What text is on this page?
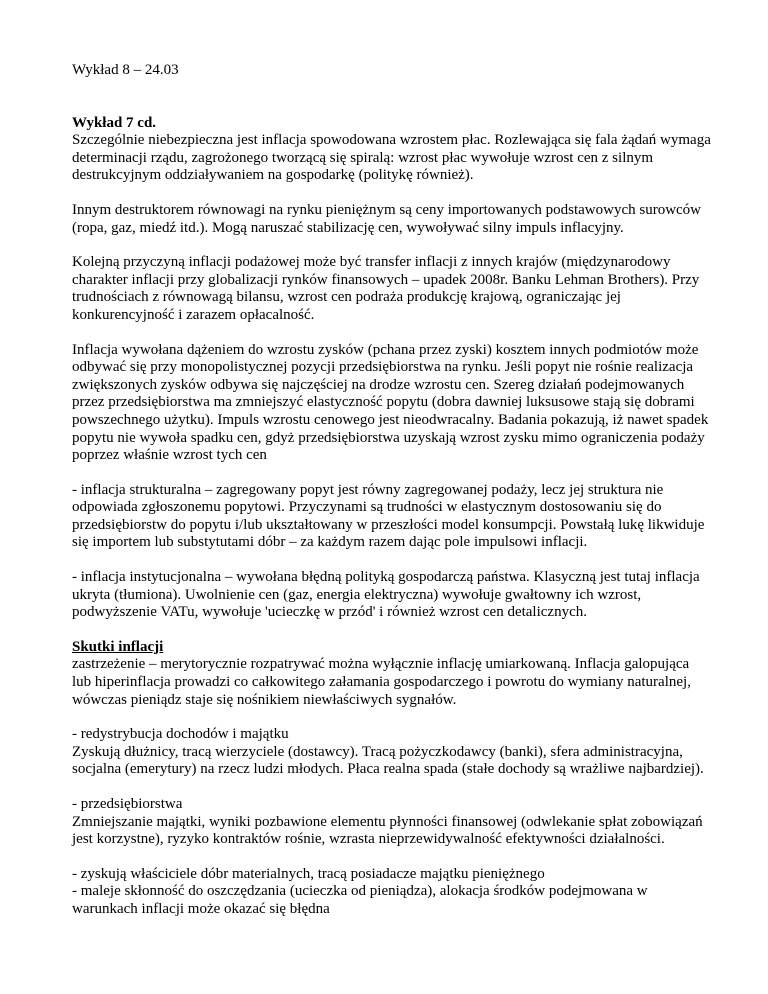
Wykład 8 – 24.03

Wykład 7 cd.

Szczególnie niebezpieczna jest inflacja spowodowana wzrostem płac. Rozlewająca się fala żądań wymaga determinacji rządu, zagrożonego tworzącą się spiralą: wzrost płac wywołuje wzrost cen z silnym destrukcyjnym oddziaływaniem na gospodarkę (politykę również).

Innym destruktorem równowagi na rynku pieniężnym są ceny importowanych podstawowych surowców (ropa, gaz, miedź itd.). Mogą naruszać stabilizację cen, wywoływać silny impuls inflacyjny.

Kolejną przyczyną inflacji podażowej może być transfer inflacji z innych krajów (międzynarodowy charakter inflacji przy globalizacji rynków finansowych – upadek 2008r. Banku Lehman Brothers). Przy trudnościach z równowagą bilansu, wzrost cen podraża produkcję krajową, ograniczając jej konkurencyjność i zarazem opłacalność.

Inflacja wywołana dążeniem do wzrostu zysków (pchana przez zyski) kosztem innych podmiotów może odbywać się przy monopolistycznej pozycji przedsiębiorstwa na rynku. Jeśli popyt nie rośnie realizacja zwiększonych zysków odbywa się najczęściej na drodze wzrostu cen. Szereg działań podejmowanych przez przedsiębiorstwa ma zmniejszyć elastyczność popytu (dobra dawniej luksusowe stają się dobrami powszechnego użytku). Impuls wzrostu cenowego jest nieodwracalny. Badania pokazują, iż nawet spadek popytu nie wywoła spadku cen, gdyż przedsiębiorstwa uzyskają wzrost zysku mimo ograniczenia podaży poprzez właśnie wzrost tych cen

- inflacja strukturalna – zagregowany popyt jest równy zagregowanej podaży, lecz jej struktura nie odpowiada zgłoszonemu popytowi. Przyczynami są trudności w elastycznym dostosowaniu się do przedsiębiorstw do popytu i/lub ukształtowany w przeszłości model konsumpcji. Powstałą lukę likwiduje się importem lub substytutami dóbr – za każdym razem dając pole impulsowi inflacji.

- inflacja instytucjonalna – wywołana błędną polityką gospodarczą państwa. Klasyczną jest tutaj inflacja ukryta (tłumiona). Uwolnienie cen (gaz, energia elektryczna) wywołuje gwałtowny ich wzrost, podwyższenie VATu, wywołuje 'ucieczkę w przód' i również wzrost cen detalicznych.

Skutki inflacji

zastrzeżenie – merytorycznie rozpatrywać można wyłącznie inflację umiarkowaną. Inflacja galopująca lub hiperinflacja prowadzi co całkowitego załamania gospodarczego i powrotu do wymiany naturalnej, wówczas pieniądz staje się nośnikiem niewłaściwych sygnałów.

- redystrybucja dochodów i majątku

Zyskują dłużnicy, tracą wierzyciele (dostawcy). Tracą pożyczkodawcy (banki), sfera administracyjna, socjalna (emerytury) na rzecz ludzi młodych. Płaca realna spada (stałe dochody są wrażliwe najbardziej).

- przedsiębiorstwa

Zmniejszanie majątki, wyniki pozbawione elementu płynności finansowej (odwlekanie spłat zobowiązań jest korzystne), ryzyko kontraktów rośnie, wzrasta nieprzewidywalność efektywności działalności.

- zyskują właściciele dóbr materialnych, tracą posiadacze majątku pieniężnego

- maleje skłonność do oszczędzania (ucieczka od pieniądza), alokacja środków podejmowana w warunkach inflacji może okazać się błędna
